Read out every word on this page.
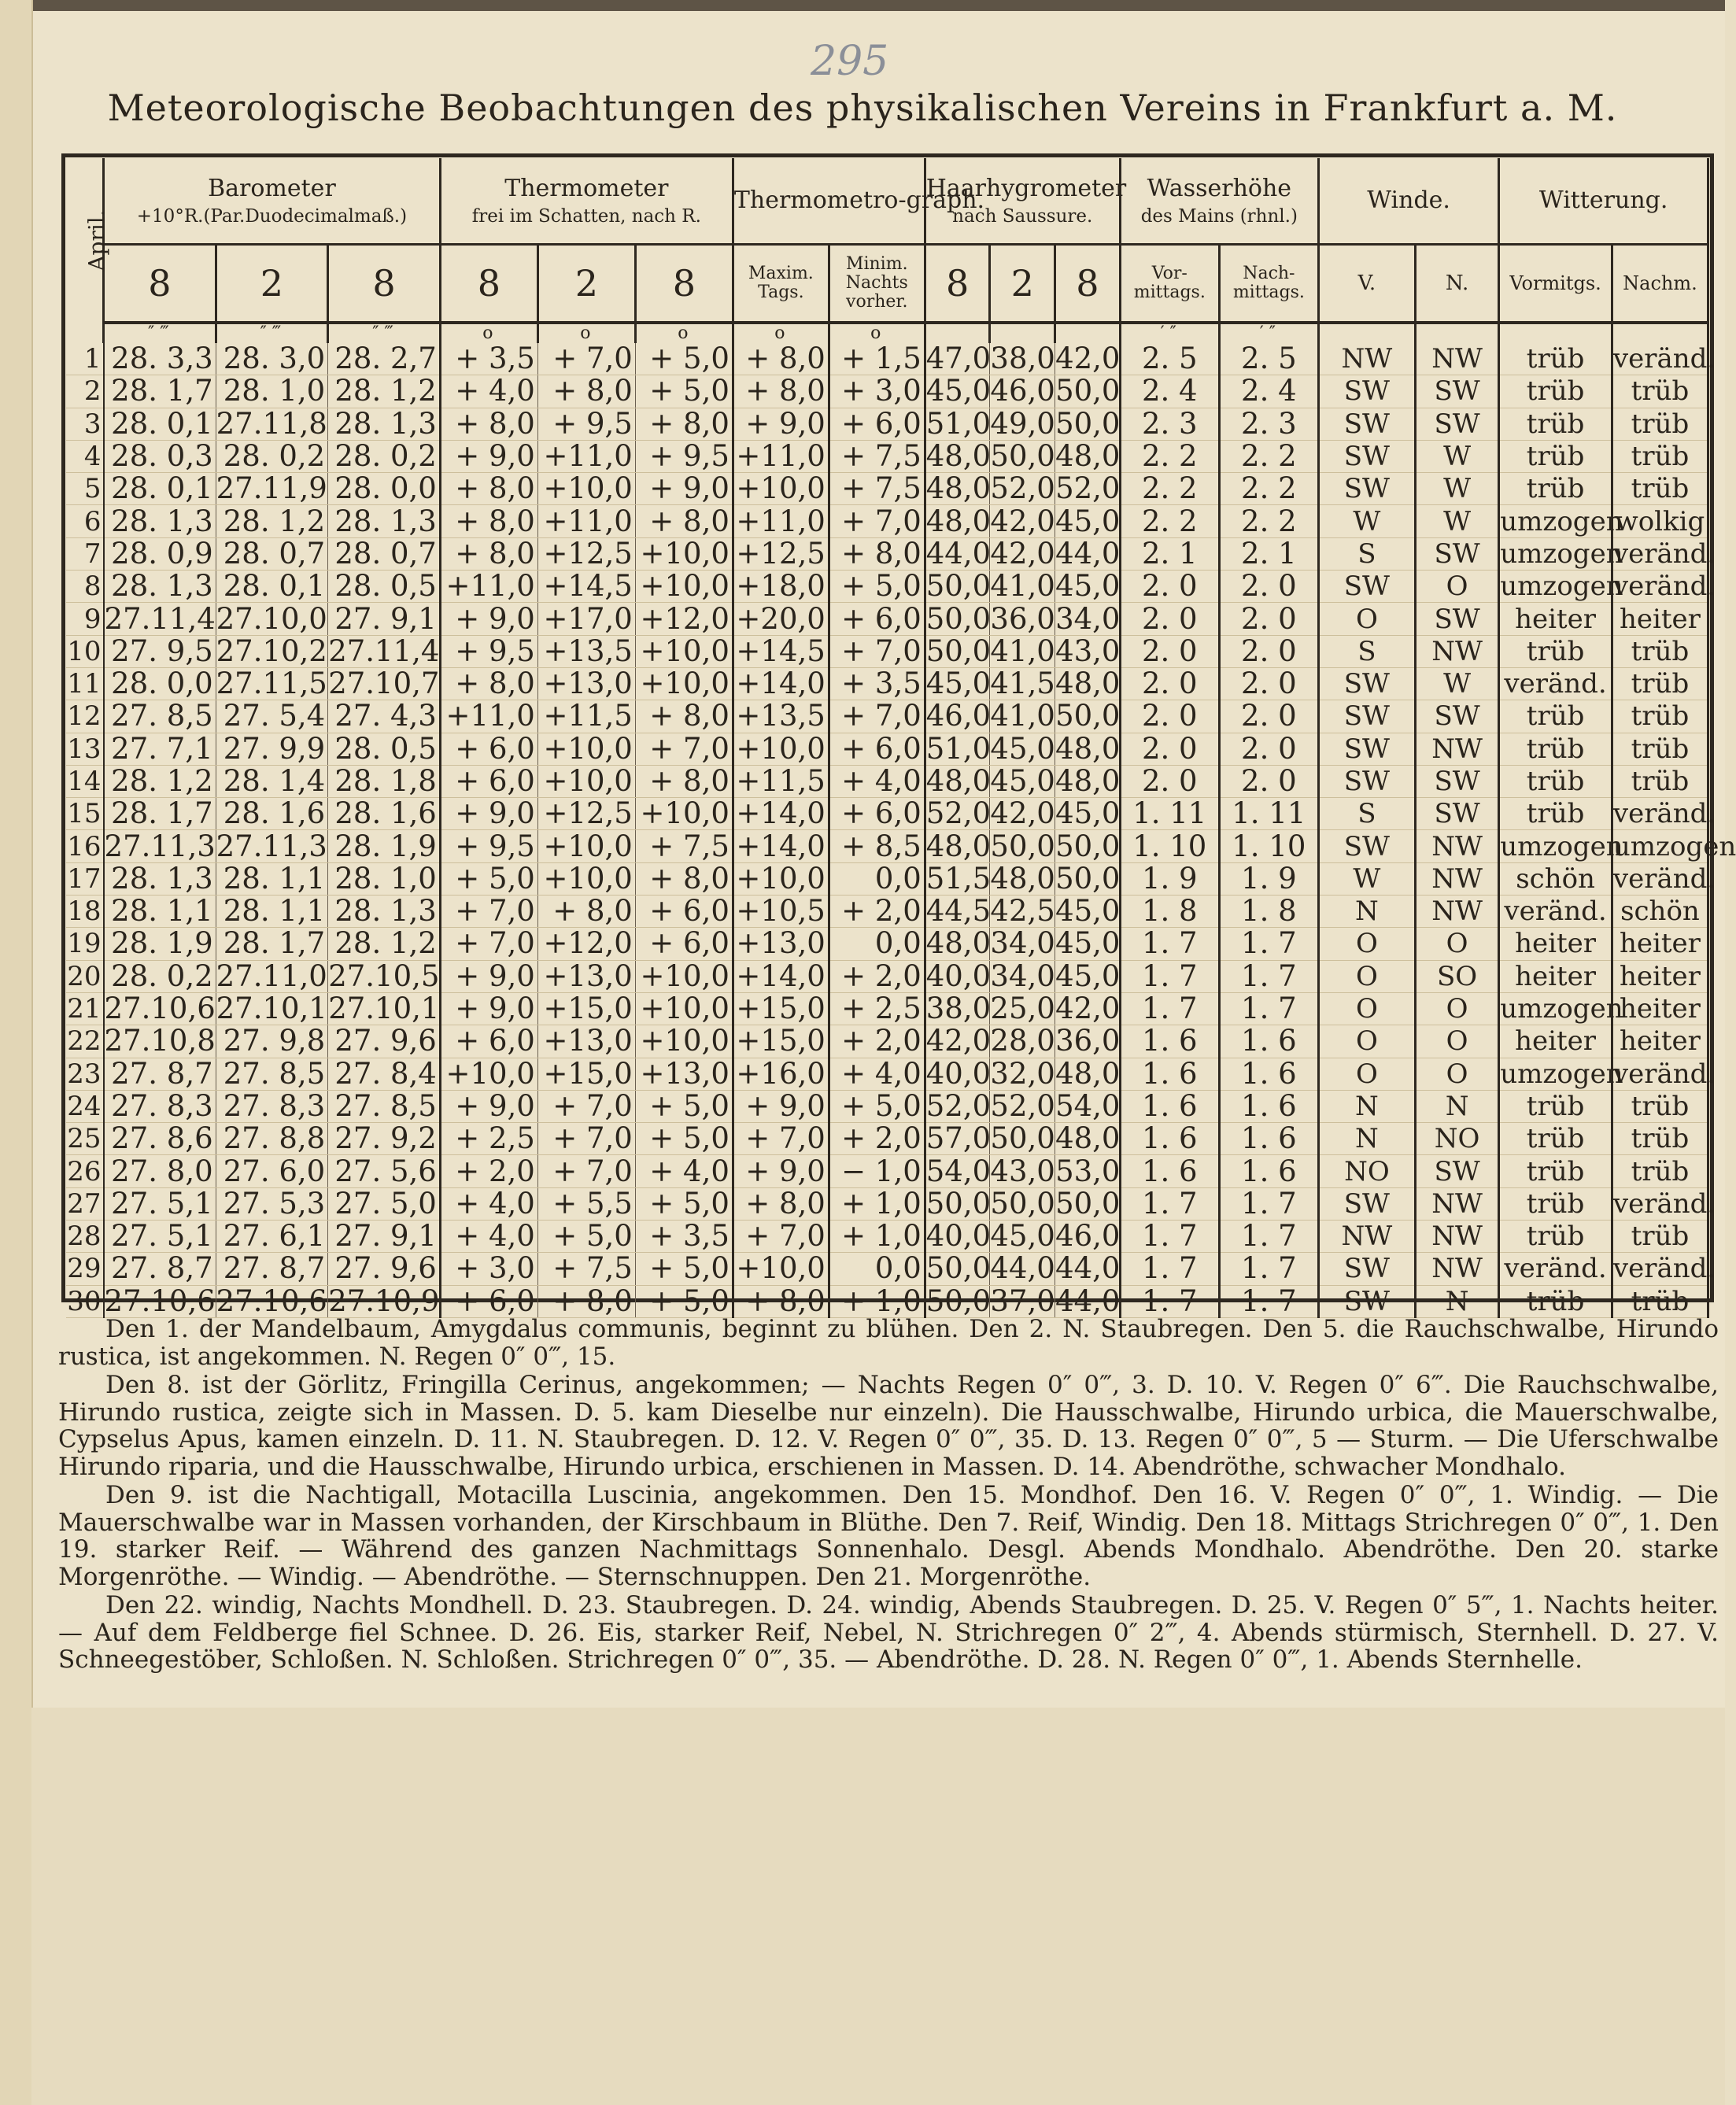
295
Meteorologische Beobachtungen des physikalischen Vereins in Frankfurt a. M.
April.	Barometer
+10°R.(Par.Duodecimalmaß.)			Thermometer
frei im Schatten, nach R.			Thermometro-graph.		Haarhygrometer
nach Saussure.			Wasserhöhe
des Mains (rhnl.)		Winde.		Witterung.	
	8	2	8	8	2	8	Maxim. Tags.	Minim. Nachts vorher.	8	2	8	Vor-mittags.	Nach-mittags.	V.	N.	Vormitgs.	Nachm.
	″ ‴	″ ‴	″ ‴	o	o	o	o	o				′ ″	′ ″				
1	28. 3,3	28. 3,0	28. 2,7	+ 3,5	+ 7,0	+ 5,0	+ 8,0	+ 1,5	47,0	38,0	42,0	2. 5	2. 5	NW	NW	trüb	veränd.
2	28. 1,7	28. 1,0	28. 1,2	+ 4,0	+ 8,0	+ 5,0	+ 8,0	+ 3,0	45,0	46,0	50,0	2. 4	2. 4	SW	SW	trüb	trüb
3	28. 0,1	27.11,8	28. 1,3	+ 8,0	+ 9,5	+ 8,0	+ 9,0	+ 6,0	51,0	49,0	50,0	2. 3	2. 3	SW	SW	trüb	trüb
4	28. 0,3	28. 0,2	28. 0,2	+ 9,0	+11,0	+ 9,5	+11,0	+ 7,5	48,0	50,0	48,0	2. 2	2. 2	SW	W	trüb	trüb
5	28. 0,1	27.11,9	28. 0,0	+ 8,0	+10,0	+ 9,0	+10,0	+ 7,5	48,0	52,0	52,0	2. 2	2. 2	SW	W	trüb	trüb
6	28. 1,3	28. 1,2	28. 1,3	+ 8,0	+11,0	+ 8,0	+11,0	+ 7,0	48,0	42,0	45,0	2. 2	2. 2	W	W	umzogen	wolkig
7	28. 0,9	28. 0,7	28. 0,7	+ 8,0	+12,5	+10,0	+12,5	+ 8,0	44,0	42,0	44,0	2. 1	2. 1	S	SW	umzogen	veränd.
8	28. 1,3	28. 0,1	28. 0,5	+11,0	+14,5	+10,0	+18,0	+ 5,0	50,0	41,0	45,0	2. 0	2. 0	SW	O	umzogen	veränd.
9	27.11,4	27.10,0	27. 9,1	+ 9,0	+17,0	+12,0	+20,0	+ 6,0	50,0	36,0	34,0	2. 0	2. 0	O	SW	heiter	heiter
10	27. 9,5	27.10,2	27.11,4	+ 9,5	+13,5	+10,0	+14,5	+ 7,0	50,0	41,0	43,0	2. 0	2. 0	S	NW	trüb	trüb
11	28. 0,0	27.11,5	27.10,7	+ 8,0	+13,0	+10,0	+14,0	+ 3,5	45,0	41,5	48,0	2. 0	2. 0	SW	W	veränd.	trüb
12	27. 8,5	27. 5,4	27. 4,3	+11,0	+11,5	+ 8,0	+13,5	+ 7,0	46,0	41,0	50,0	2. 0	2. 0	SW	SW	trüb	trüb
13	27. 7,1	27. 9,9	28. 0,5	+ 6,0	+10,0	+ 7,0	+10,0	+ 6,0	51,0	45,0	48,0	2. 0	2. 0	SW	NW	trüb	trüb
14	28. 1,2	28. 1,4	28. 1,8	+ 6,0	+10,0	+ 8,0	+11,5	+ 4,0	48,0	45,0	48,0	2. 0	2. 0	SW	SW	trüb	trüb
15	28. 1,7	28. 1,6	28. 1,6	+ 9,0	+12,5	+10,0	+14,0	+ 6,0	52,0	42,0	45,0	1. 11	1. 11	S	SW	trüb	veränd.
16	27.11,3	27.11,3	28. 1,9	+ 9,5	+10,0	+ 7,5	+14,0	+ 8,5	48,0	50,0	50,0	1. 10	1. 10	SW	NW	umzogen	umzogen
17	28. 1,3	28. 1,1	28. 1,0	+ 5,0	+10,0	+ 8,0	+10,0	0,0	51,5	48,0	50,0	1. 9	1. 9	W	NW	schön	veränd.
18	28. 1,1	28. 1,1	28. 1,3	+ 7,0	+ 8,0	+ 6,0	+10,5	+ 2,0	44,5	42,5	45,0	1. 8	1. 8	N	NW	veränd.	schön
19	28. 1,9	28. 1,7	28. 1,2	+ 7,0	+12,0	+ 6,0	+13,0	0,0	48,0	34,0	45,0	1. 7	1. 7	O	O	heiter	heiter
20	28. 0,2	27.11,0	27.10,5	+ 9,0	+13,0	+10,0	+14,0	+ 2,0	40,0	34,0	45,0	1. 7	1. 7	O	SO	heiter	heiter
21	27.10,6	27.10,1	27.10,1	+ 9,0	+15,0	+10,0	+15,0	+ 2,5	38,0	25,0	42,0	1. 7	1. 7	O	O	umzogen	heiter
22	27.10,8	27. 9,8	27. 9,6	+ 6,0	+13,0	+10,0	+15,0	+ 2,0	42,0	28,0	36,0	1. 6	1. 6	O	O	heiter	heiter
23	27. 8,7	27. 8,5	27. 8,4	+10,0	+15,0	+13,0	+16,0	+ 4,0	40,0	32,0	48,0	1. 6	1. 6	O	O	umzogen	veränd.
24	27. 8,3	27. 8,3	27. 8,5	+ 9,0	+ 7,0	+ 5,0	+ 9,0	+ 5,0	52,0	52,0	54,0	1. 6	1. 6	N	N	trüb	trüb
25	27. 8,6	27. 8,8	27. 9,2	+ 2,5	+ 7,0	+ 5,0	+ 7,0	+ 2,0	57,0	50,0	48,0	1. 6	1. 6	N	NO	trüb	trüb
26	27. 8,0	27. 6,0	27. 5,6	+ 2,0	+ 7,0	+ 4,0	+ 9,0	− 1,0	54,0	43,0	53,0	1. 6	1. 6	NO	SW	trüb	trüb
27	27. 5,1	27. 5,3	27. 5,0	+ 4,0	+ 5,5	+ 5,0	+ 8,0	+ 1,0	50,0	50,0	50,0	1. 7	1. 7	SW	NW	trüb	veränd.
28	27. 5,1	27. 6,1	27. 9,1	+ 4,0	+ 5,0	+ 3,5	+ 7,0	+ 1,0	40,0	45,0	46,0	1. 7	1. 7	NW	NW	trüb	trüb
29	27. 8,7	27. 8,7	27. 9,6	+ 3,0	+ 7,5	+ 5,0	+10,0	0,0	50,0	44,0	44,0	1. 7	1. 7	SW	NW	veränd.	veränd.
30	27.10,6	27.10,6	27.10,9	+ 6,0	+ 8,0	+ 5,0	+ 8,0	+ 1,0	50,0	37,0	44,0	1. 7	1. 7	SW	N	trüb	trüb

Den 1. der Mandelbaum, Amygdalus communis, beginnt zu blühen. Den 2. N. Staubregen. Den 5. die Rauchschwalbe, Hirundo rustica, ist angekommen. N. Regen 0″ 0‴, 15.

Den 8. ist der Görlitz, Fringilla Cerinus, angekommen; — Nachts Regen 0″ 0‴, 3. D. 10. V. Regen 0″ 6‴. Die Rauchschwalbe, Hirundo rustica, zeigte sich in Massen. D. 5. kam Dieselbe nur einzeln). Die Hausschwalbe, Hirundo urbica, die Mauerschwalbe, Cypselus Apus, kamen einzeln. D. 11. N. Staubregen. D. 12. V. Regen 0″ 0‴, 35. D. 13. Regen 0″ 0‴, 5 — Sturm. — Die Uferschwalbe Hirundo riparia, und die Hausschwalbe, Hirundo urbica, erschienen in Massen. D. 14. Abendröthe, schwacher Mondhalo.

Den 9. ist die Nachtigall, Motacilla Luscinia, angekommen. Den 15. Mondhof. Den 16. V. Regen 0″ 0‴, 1. Windig. — Die Mauerschwalbe war in Massen vorhanden, der Kirschbaum in Blüthe. Den 7. Reif, Windig. Den 18. Mittags Strichregen 0″ 0‴, 1. Den 19. starker Reif. — Während des ganzen Nachmittags Sonnenhalo. Desgl. Abends Mondhalo. Abendröthe. Den 20. starke Morgenröthe. — Windig. — Abendröthe. — Sternschnuppen. Den 21. Morgenröthe.

Den 22. windig, Nachts Mondhell. D. 23. Staubregen. D. 24. windig, Abends Staubregen. D. 25. V. Regen 0″ 5‴, 1. Nachts heiter. — Auf dem Feldberge fiel Schnee. D. 26. Eis, starker Reif, Nebel, N. Strichregen 0″ 2‴, 4. Abends stürmisch, Sternhell. D. 27. V. Schneegestöber, Schloßen. N. Schloßen. Strichregen 0″ 0‴, 35. — Abendröthe. D. 28. N. Regen 0″ 0‴, 1. Abends Sternhelle.
